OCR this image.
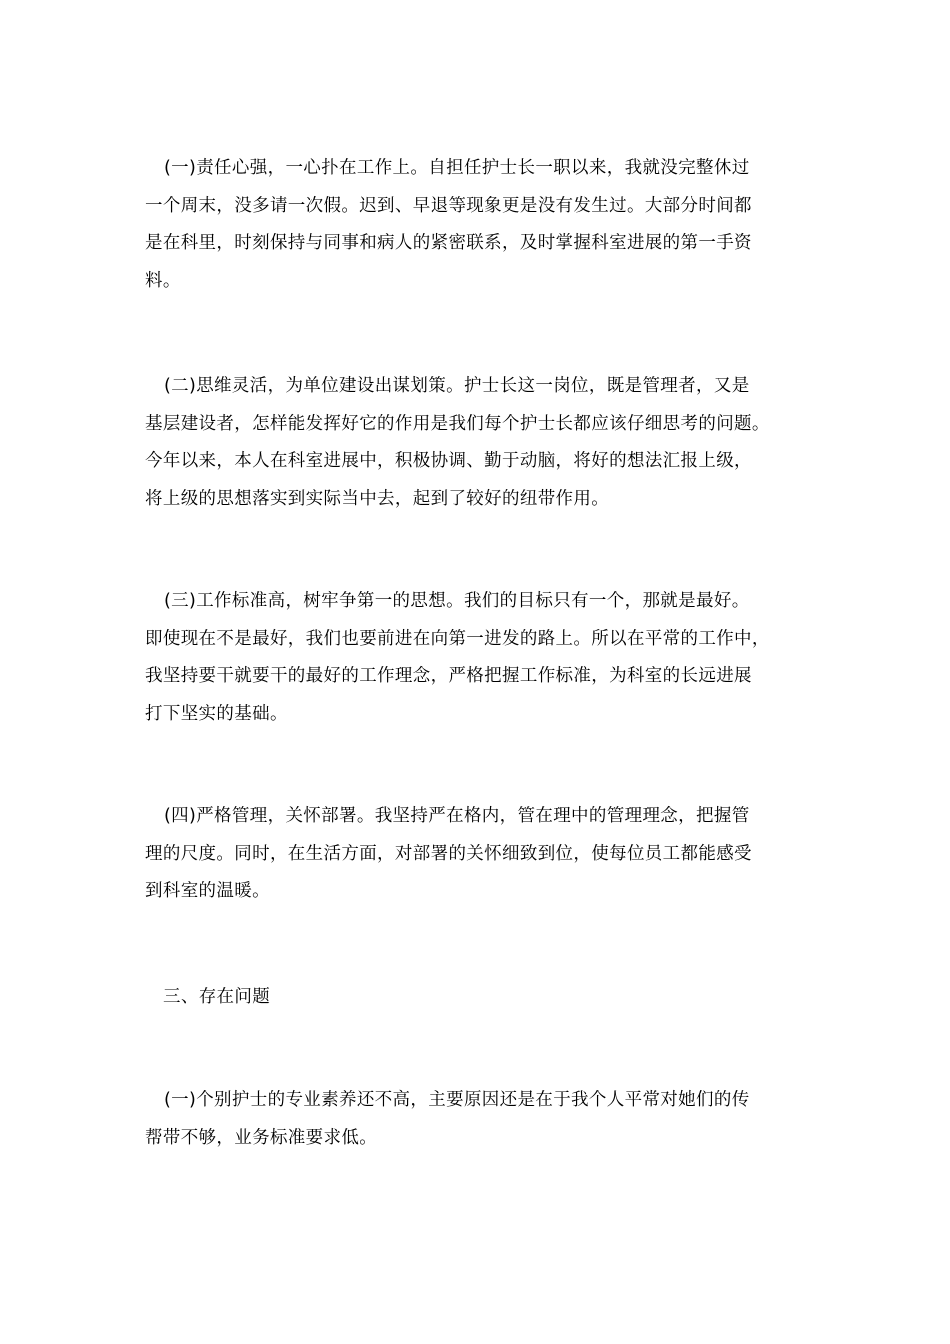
(一)责任心强，一心扑在工作上。自担任护士长一职以来，我就没完整休过
一个周末，没多请一次假。迟到、早退等现象更是没有发生过。大部分时间都
是在科里，时刻保持与同事和病人的紧密联系，及时掌握科室进展的第一手资
料。
(二)思维灵活，为单位建设出谋划策。护士长这一岗位，既是管理者，又是
基层建设者，怎样能发挥好它的作用是我们每个护士长都应该仔细思考的问题。
今年以来，本人在科室进展中，积极协调、勤于动脑，将好的想法汇报上级，
将上级的思想落实到实际当中去，起到了较好的纽带作用。
(三)工作标准高，树牢争第一的思想。我们的目标只有一个，那就是最好。
即使现在不是最好，我们也要前进在向第一进发的路上。所以在平常的工作中，
我坚持要干就要干的最好的工作理念，严格把握工作标准，为科室的长远进展
打下坚实的基础。
(四)严格管理，关怀部署。我坚持严在格内，管在理中的管理理念，把握管
理的尺度。同时，在生活方面，对部署的关怀细致到位，使每位员工都能感受
到科室的温暖。
三、存在问题
(一)个别护士的专业素养还不高，主要原因还是在于我个人平常对她们的传
帮带不够，业务标准要求低。
